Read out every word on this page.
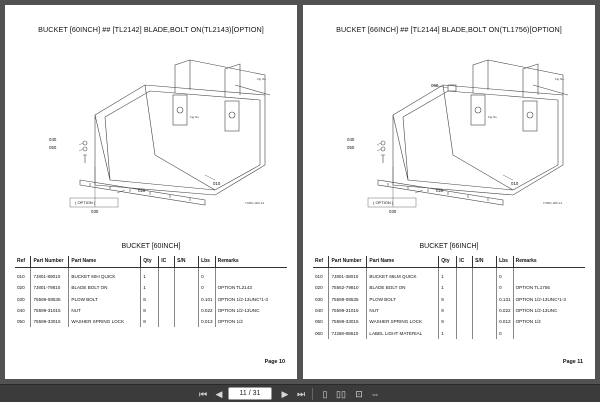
BUCKET [60INCH] ## [TL2142] BLADE,BOLT ON(TL2143)[OPTION]
040
050
030
020
010
( OPTION )	TLB01-006-13
Fig.No.
Fig.No.
BUCKET [60INCH]
Ref	Part Number	Part Name	Qty	IC	S/N	Lbs	Remarks

010	7J801-89010	BUCKET 60H QUICK	1			0	
020	7J801-79810	BLADE BOLT ON	1			0	OPTION TL2143
030	75599-08535	PLOW BOLT	8			0.101	OPTION 1/2-13UNC*1-3
040	75599-31015	NUT	8			0.022	OPTION 1/2-13UNC
050	75599-33015	WASHER SPRING LOCK	8			0.013	OPTION 1/2
Page 10
BUCKET [66INCH] ## [TL2144] BLADE,BOLT ON(TL1756)[OPTION]
040
050
030
020
010
060
( OPTION )	TLB01-006-14
Fig.No.
Fig.No.
BUCKET [66INCH]
Ref	Part Number	Part Name	Qty	IC	S/N	Lbs	Remarks

010	7J801-38010	BUCKET 66LM QUICK	1			0	
020	75562-79810	BLADE BOLT ON	1			0	OPTION TL1756
030	75599-08535	PLOW BOLT	9			0.131	OPTION 1/2-13UNC*1-3
040	75599-31015	NUT	9			0.022	OPTION 1/2-13UNC
050	75599-33015	WASHER SPRING LOCK	9			0.013	OPTION 1/2
060	7J268-88610	LABEL LIGHT MATERIAL	1			0	
Page 11
⏮ ◀	11 / 31	▶ ⏭	▯ ▯▯	⊡ ⇔
